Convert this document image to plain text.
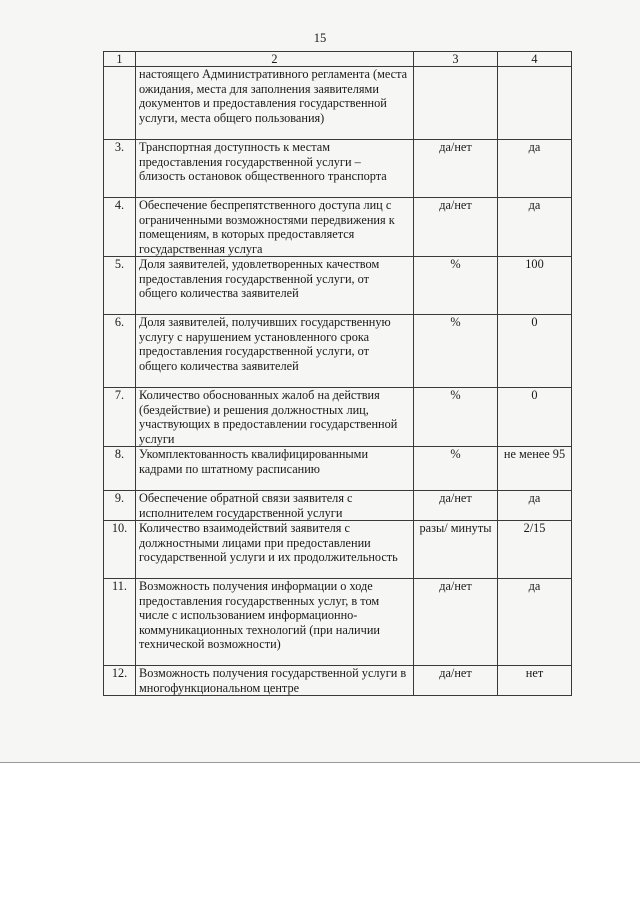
15
1	2	3	4
	настоящего Административного регламента (места ожидания, места для заполнения заявителями документов и предоставления государственной услуги, места общего пользования)		
3.	Транспортная доступность к местам предоставления государственной услуги – близость остановок общественного транспорта	да/нет	да
4.	Обеспечение беспрепятственного доступа лиц с ограниченными возможностями передвижения к помещениям, в которых предоставляется государственная услуга	да/нет	да
5.	Доля заявителей, удовлетворенных качеством предоставления государственной услуги, от общего количества заявителей	%	100
6.	Доля заявителей, получивших государственную услугу с нарушением установленного срока предоставления государственной услуги, от общего количества заявителей	%	0
7.	Количество обоснованных жалоб на действия (бездействие) и решения должностных лиц, участвующих в предоставлении государственной услуги	%	0
8.	Укомплектованность квалифицированными кадрами по штатному расписанию	%	не менее 95
9.	Обеспечение обратной связи заявителя с исполнителем государственной услуги	да/нет	да
10.	Количество взаимодействий заявителя с должностными лицами при предоставлении государственной услуги и их продолжительность	разы/ минуты	2/15
11.	Возможность получения информации о ходе предоставления государственных услуг, в том числе с использованием информационно-коммуникационных технологий (при наличии технической возможности)	да/нет	да
12.	Возможность получения государственной услуги в многофункциональном центре	да/нет	нет
